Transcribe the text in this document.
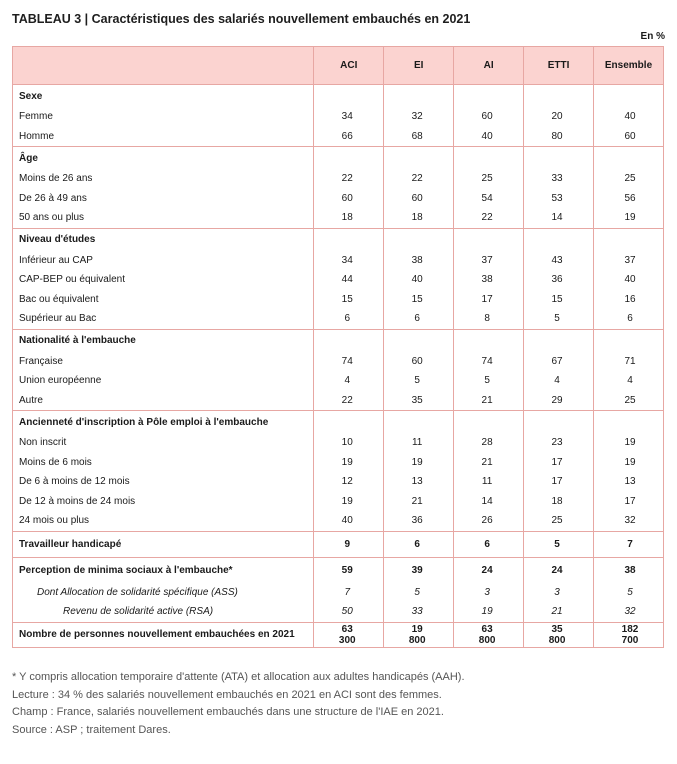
TABLEAU 3 | Caractéristiques des salariés nouvellement embauchés en 2021
En %
	ACI	EI	AI	ETTI	Ensemble
Sexe					
Femme	34	32	60	20	40
Homme	66	68	40	80	60
Âge					
Moins de 26 ans	22	22	25	33	25
De 26 à 49 ans	60	60	54	53	56
50 ans ou plus	18	18	22	14	19
Niveau d'études					
Inférieur au CAP	34	38	37	43	37
CAP-BEP ou équivalent	44	40	38	36	40
Bac ou équivalent	15	15	17	15	16
Supérieur au Bac	6	6	8	5	6
Nationalité à l'embauche					
Française	74	60	74	67	71
Union européenne	4	5	5	4	4
Autre	22	35	21	29	25
Ancienneté d'inscription à Pôle emploi à l'embauche					
Non inscrit	10	11	28	23	19
Moins de 6 mois	19	19	21	17	19
De 6 à moins de 12 mois	12	13	11	17	13
De 12 à moins de 24 mois	19	21	14	18	17
24 mois ou plus	40	36	26	25	32
Travailleur handicapé	9	6	6	5	7
Perception de minima sociaux à l'embauche*	59	39	24	24	38
Dont Allocation de solidarité spécifique (ASS)	7	5	3	3	5
Revenu de solidarité active (RSA)	50	33	19	21	32
Nombre de personnes nouvellement embauchées en 2021	63 300	19 800	63 800	35 800	182 700
* Y compris allocation temporaire d'attente (ATA) et allocation aux adultes handicapés (AAH).
Lecture : 34 % des salariés nouvellement embauchés en 2021 en ACI sont des femmes.
Champ : France, salariés nouvellement embauchés dans une structure de l'IAE en 2021.
Source : ASP ; traitement Dares.
